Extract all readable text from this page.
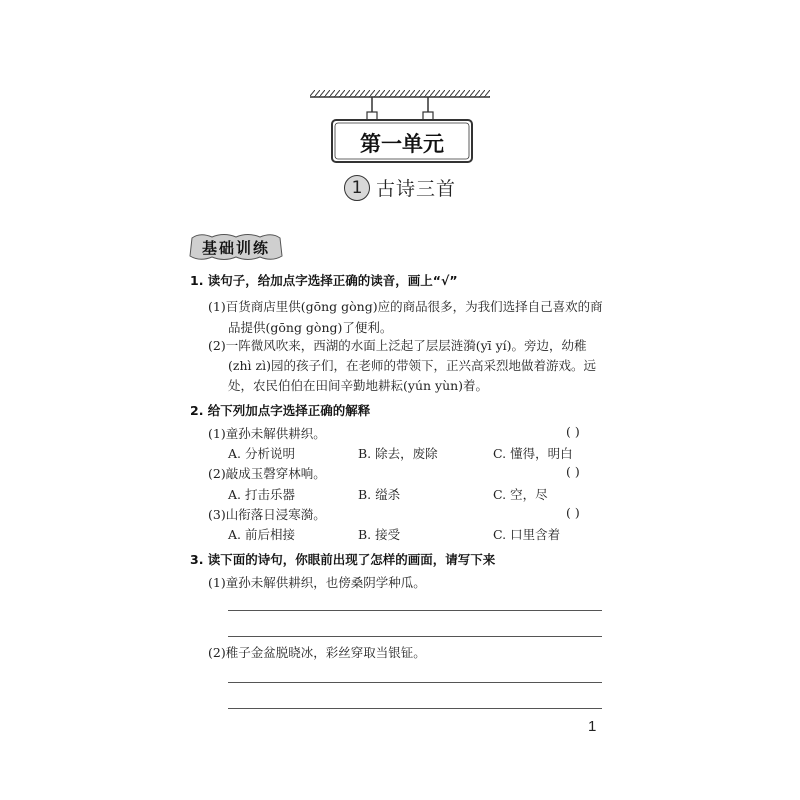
第一单元
1 古诗三首
基础训练
1. 读句子，给加点字选择正确的读音，画上“√”
(1)百货商店里供(gōng gòng)应的商品很多，为我们选择自己喜欢的商
品提供(gōng gòng)了便利。
(2)一阵微风吹来，西湖的水面上泛起了层层涟漪(yī yí)。旁边，幼稚
(zhì zì)园的孩子们，在老师的带领下，正兴高采烈地做着游戏。远
处，农民伯伯在田间辛勤地耕耘(yún yùn)着。
2. 给下列加点字选择正确的解释
(1)童孙未解供耕织。	( )
A. 分析说明	B. 除去，废除	C. 懂得，明白
(2)敲成玉磬穿林响。	( )
A. 打击乐器	B. 缢杀	C. 空，尽
(3)山衔落日浸寒漪。	( )
A. 前后相接	B. 接受	C. 口里含着
3. 读下面的诗句，你眼前出现了怎样的画面，请写下来
(1)童孙未解供耕织，也傍桑阴学种瓜。
(2)稚子金盆脱晓冰，彩丝穿取当银钲。
1
